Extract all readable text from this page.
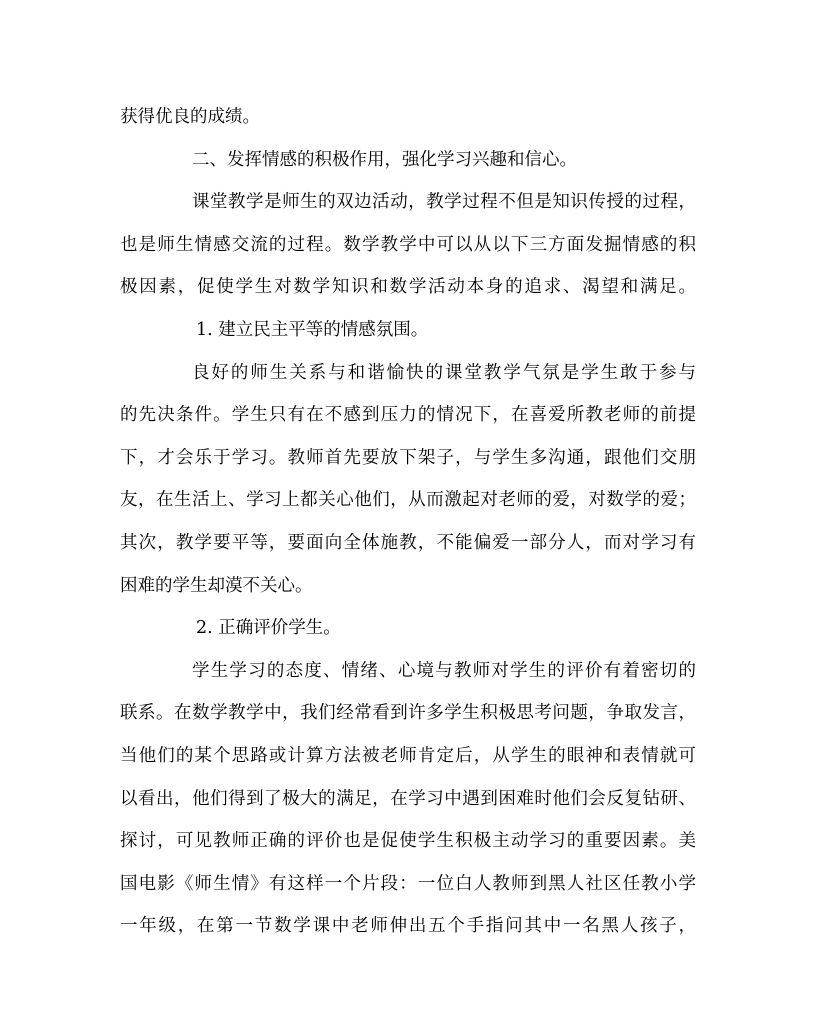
获得优良的成绩。
二、发挥情感的积极作用，强化学习兴趣和信心。
课堂教学是师生的双边活动，教学过程不但是知识传授的过程，
也是师生情感交流的过程。数学教学中可以从以下三方面发掘情感的积
极因素，促使学生对数学知识和数学活动本身的追求、渴望和满足。
1. 建立民主平等的情感氛围。
良好的师生关系与和谐愉快的课堂教学气氛是学生敢于参与
的先决条件。学生只有在不感到压力的情况下，在喜爱所教老师的前提
下，才会乐于学习。教师首先要放下架子，与学生多沟通，跟他们交朋
友，在生活上、学习上都关心他们，从而激起对老师的爱，对数学的爱；
其次，教学要平等，要面向全体施教，不能偏爱一部分人，而对学习有
困难的学生却漠不关心。
2. 正确评价学生。
学生学习的态度、情绪、心境与教师对学生的评价有着密切的
联系。在数学教学中，我们经常看到许多学生积极思考问题，争取发言，
当他们的某个思路或计算方法被老师肯定后，从学生的眼神和表情就可
以看出，他们得到了极大的满足，在学习中遇到困难时他们会反复钻研、
探讨，可见教师正确的评价也是促使学生积极主动学习的重要因素。美
国电影《师生情》有这样一个片段：一位白人教师到黑人社区任教小学
一年级，在第一节数学课中老师伸出五个手指问其中一名黑人孩子，
